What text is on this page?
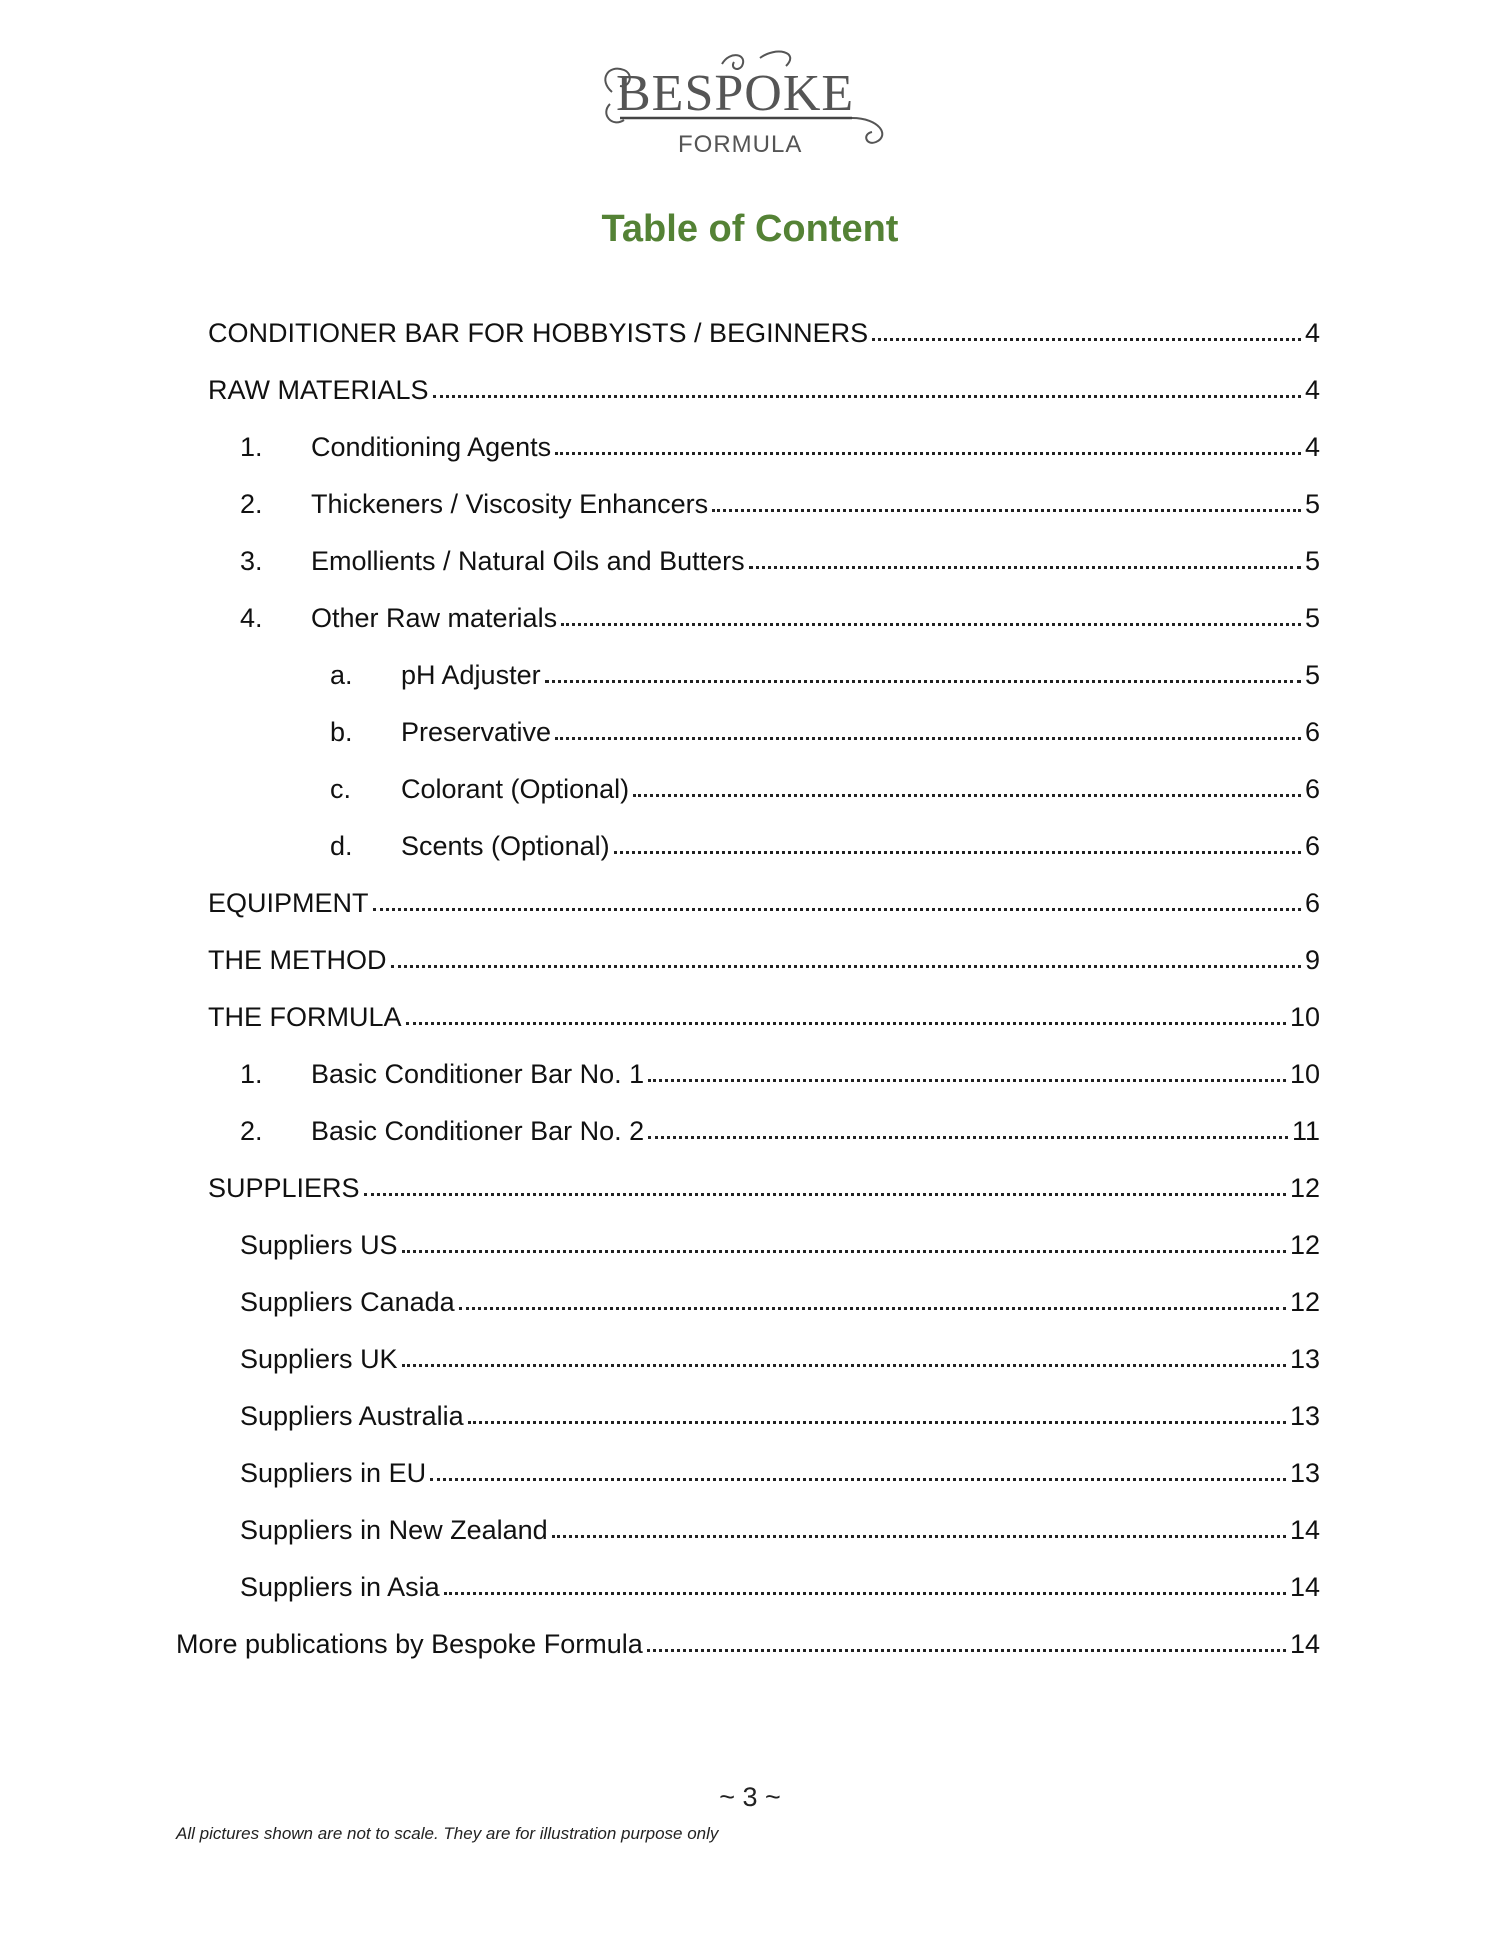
BESPOKE
FORMULA
Table of Content
CONDITIONER BAR FOR HOBBYISTS / BEGINNERS	4
RAW MATERIALS	4
1.	Conditioning Agents	4
2.	Thickeners / Viscosity Enhancers	5
3.	Emollients / Natural Oils and Butters	5
4.	Other Raw materials	5
a.	pH Adjuster	5
b.	Preservative	6
c.	Colorant (Optional)	6
d.	Scents (Optional)	6
EQUIPMENT	6
THE METHOD	9
THE FORMULA	10
1.	Basic Conditioner Bar No. 1	10
2.	Basic Conditioner Bar No. 2	11
SUPPLIERS	12
Suppliers US	12
Suppliers Canada	12
Suppliers UK	13
Suppliers Australia	13
Suppliers in EU	13
Suppliers in New Zealand	14
Suppliers in Asia	14
More publications by Bespoke Formula	14
~ 3 ~
All pictures shown are not to scale. They are for illustration purpose only
